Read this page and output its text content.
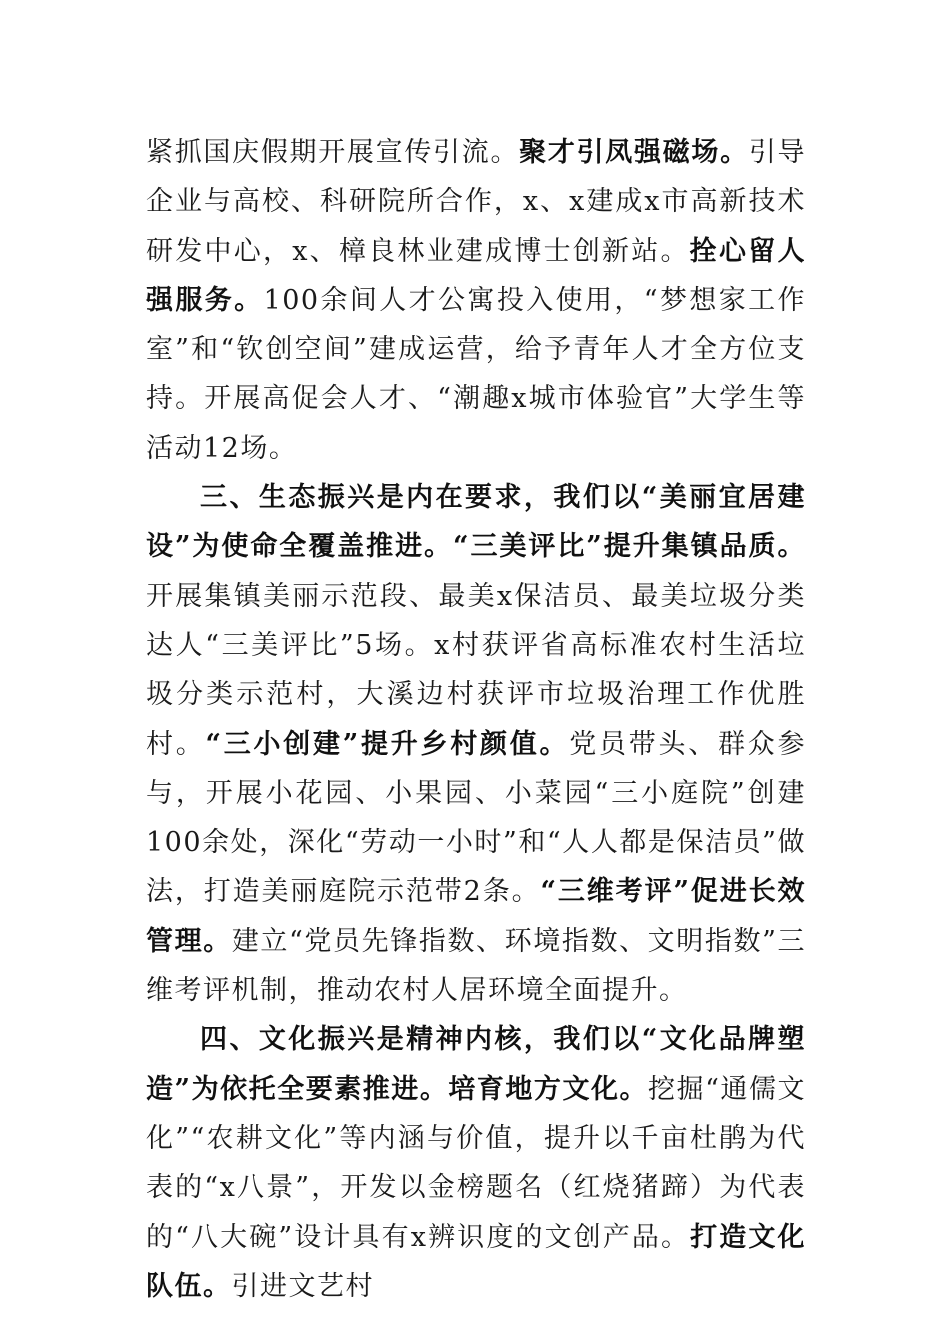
紧抓国庆假期开展宣传引流。聚才引凤强磁场。引导企业与高校、科研院所合作，x、x建成x市高新技术研发中心，x、樟良林业建成博士创新站。拴心留人强服务。100余间人才公寓投入使用，“梦想家工作室”和“钦创空间”建成运营，给予青年人才全方位支持。开展高促会人才、“潮趣x城市体验官”大学生等活动12场。

三、生态振兴是内在要求，我们以“美丽宜居建设”为使命全覆盖推进。“三美评比”提升集镇品质。开展集镇美丽示范段、最美x保洁员、最美垃圾分类达人“三美评比”5场。x村获评省高标准农村生活垃圾分类示范村，大溪边村获评市垃圾治理工作优胜村。“三小创建”提升乡村颜值。党员带头、群众参与，开展小花园、小果园、小菜园“三小庭院”创建100余处，深化“劳动一小时”和“人人都是保洁员”做法，打造美丽庭院示范带2条。“三维考评”促进长效管理。建立“党员先锋指数、环境指数、文明指数”三维考评机制，推动农村人居环境全面提升。

四、文化振兴是精神内核，我们以“文化品牌塑造”为依托全要素推进。培育地方文化。挖掘“通儒文化”“农耕文化”等内涵与价值，提升以千亩杜鹃为代表的“x八景”，开发以金榜题名（红烧猪蹄）为代表的“八大碗”设计具有x辨识度的文创产品。打造文化队伍。引进文艺村
